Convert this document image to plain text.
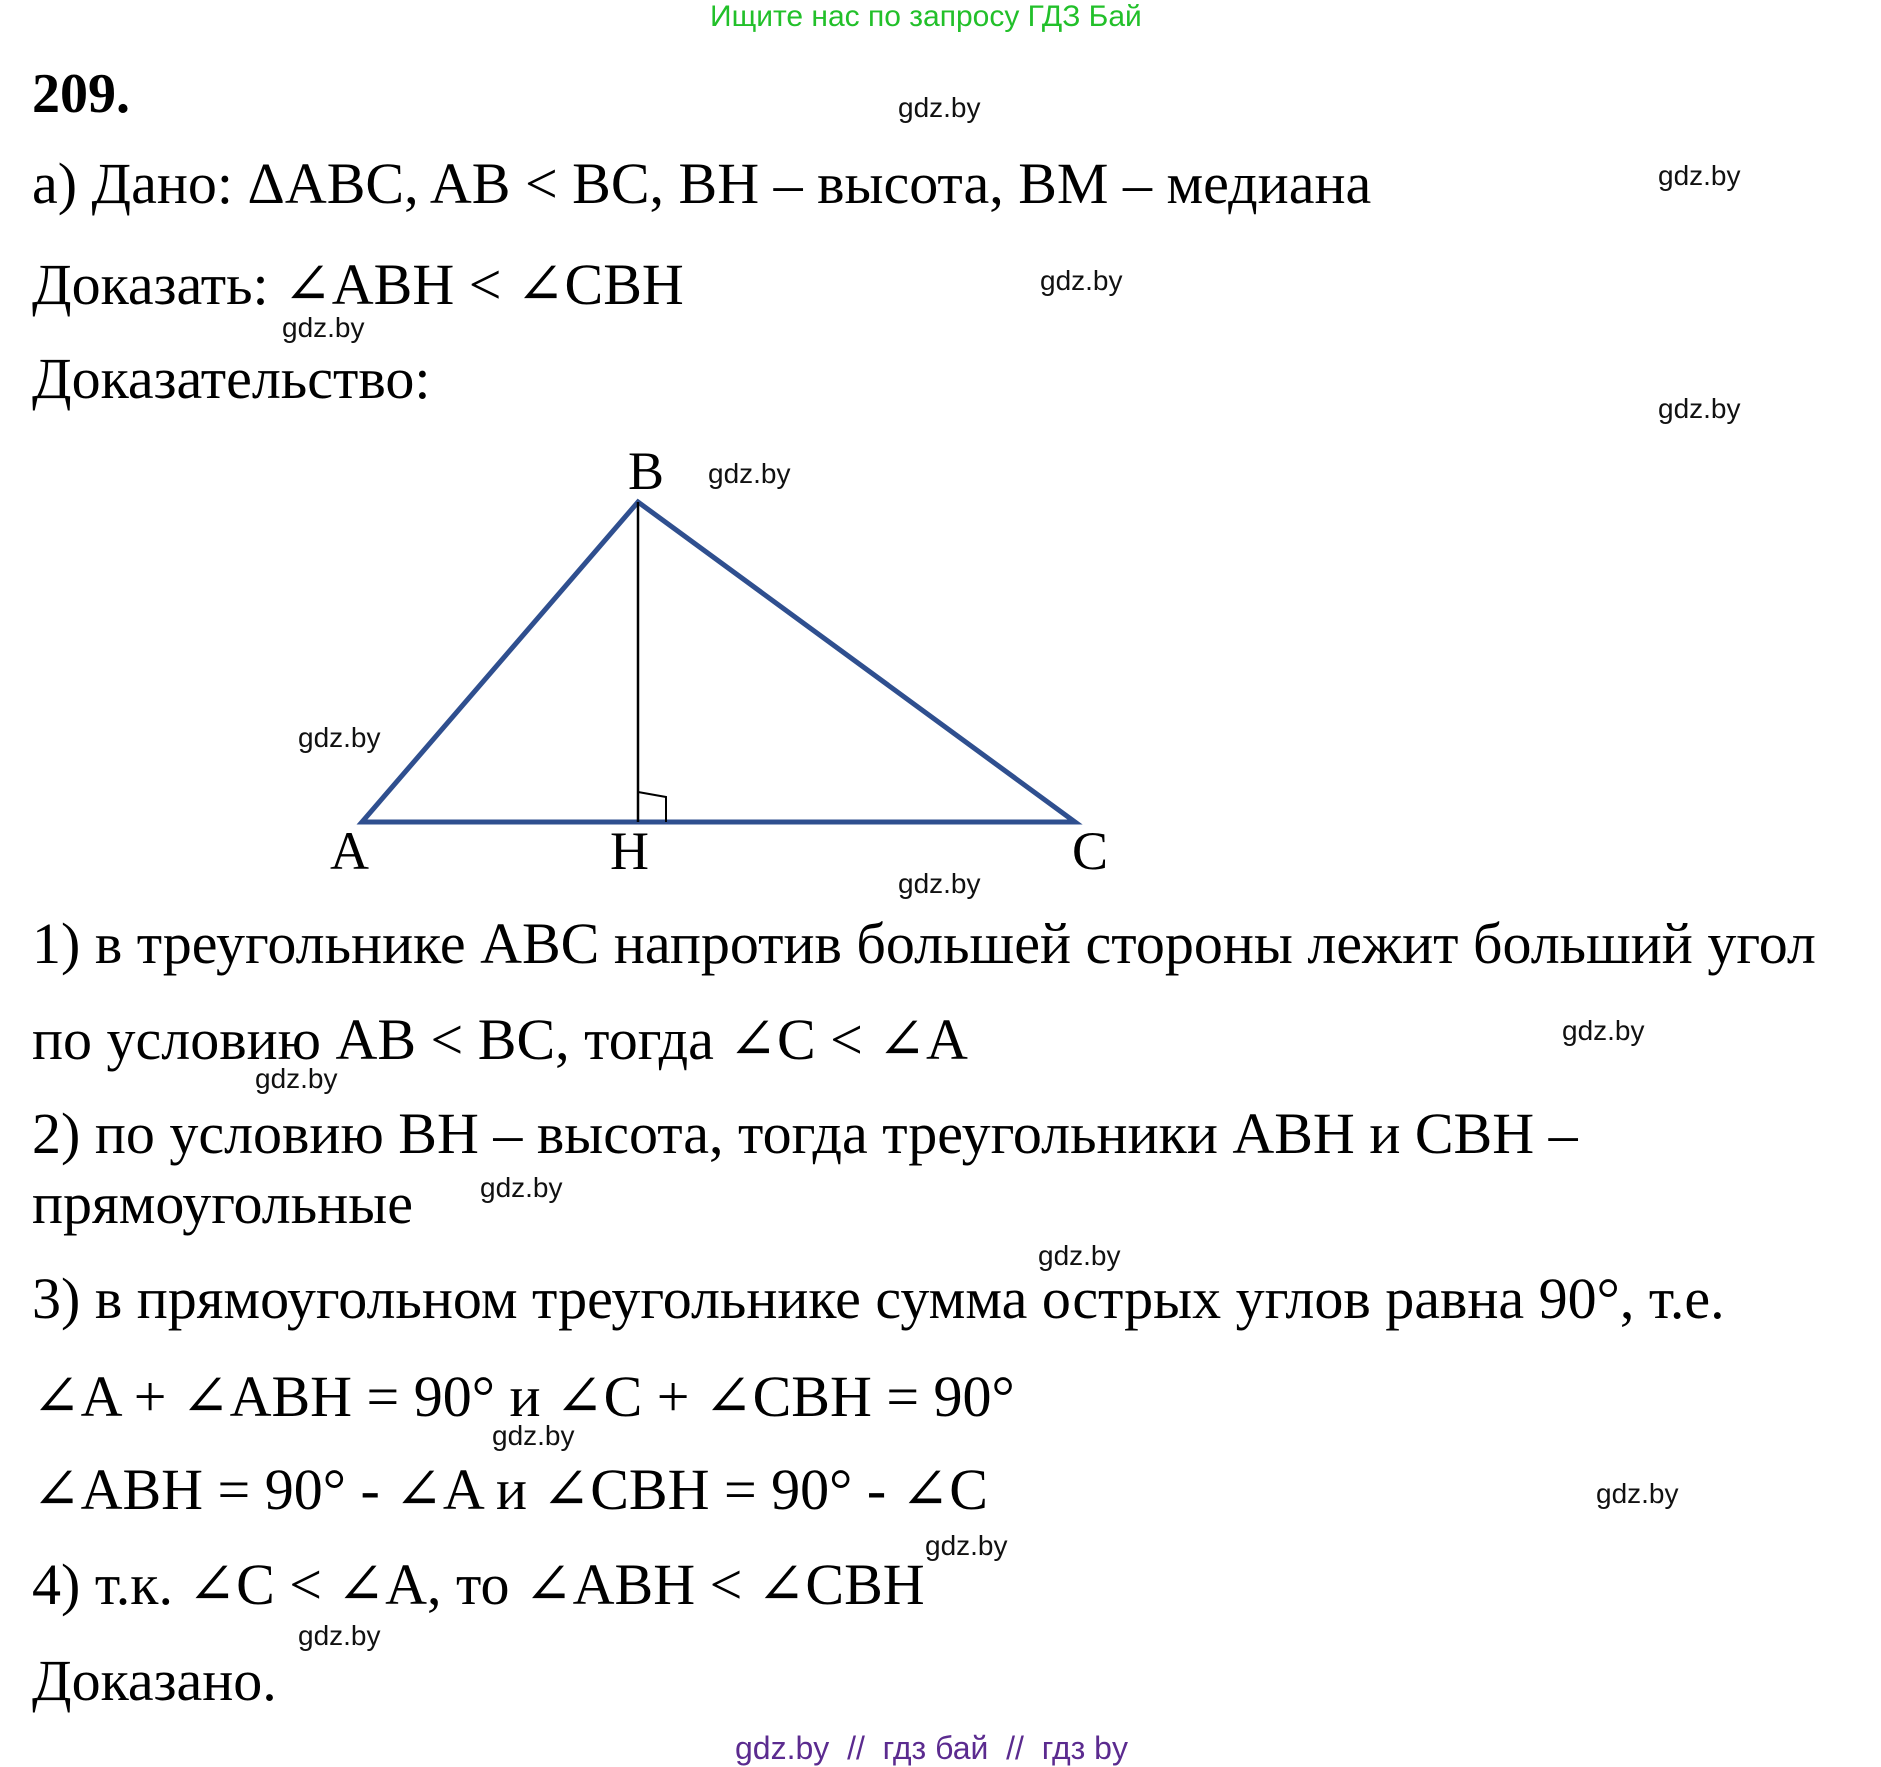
Ищите нас по запросу ГДЗ Бай
209.
а) Дано: ΔABC, AB < BC, BH – высота, BM – медиана
Доказать: ∠ABH < ∠CBH
Доказательство:
B
A	H	C
1) в треугольнике ABC напротив большей стороны лежит больший угол
по условию AB < BC, тогда ∠C < ∠A
2) по условию BH – высота, тогда треугольники ABH и CBH –
прямоугольные
3) в прямоугольном треугольнике сумма острых углов равна 90°, т.е.
∠A + ∠ABH = 90° и ∠C + ∠CBH = 90°
∠ABH = 90° - ∠A и ∠CBH = 90° - ∠C
4) т.к. ∠C < ∠A, то ∠ABH < ∠CBH
Доказано.
gdz.by
gdz.by
gdz.by
gdz.by
gdz.by
gdz.by
gdz.by
gdz.by
gdz.by
gdz.by
gdz.by
gdz.by
gdz.by
gdz.by
gdz.by
gdz.by
gdz.by  //  гдз бай  //  гдз by
